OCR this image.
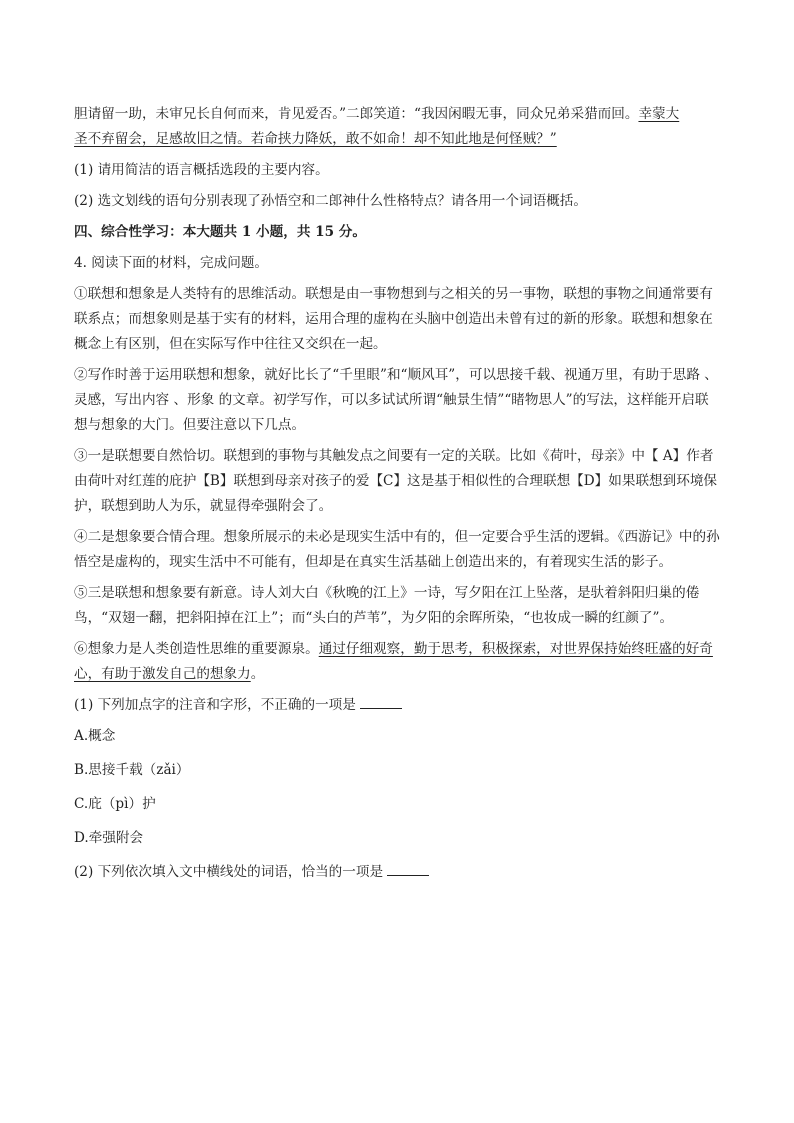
胆请留一助，未审兄长自何而来，肯见爱否。”二郎笑道：“我因闲暇无事，同众兄弟采猎而回。幸蒙大
圣不弃留会，足感故旧之情。若命挟力降妖，敢不如命！却不知此地是何怪贼？”

(1) 请用简洁的语言概括选段的主要内容。

(2) 选文划线的语句分别表现了孙悟空和二郎神什么性格特点？请各用一个词语概括。

四、综合性学习：本大题共 1 小题，共 15 分。

4. 阅读下面的材料，完成问题。

①联想和想象是人类特有的思维活动。联想是由一事物想到与之相关的另一事物，联想的事物之间通常要有联系点；而想象则是基于实有的材料，运用合理的虚构在头脑中创造出未曾有过的新的形象。联想和想象在概念上有区别，但在实际写作中往往又交织在一起。

②写作时善于运用联想和想象，就好比长了“千里眼”和“顺风耳”，可以思接千载、视通万里，有助于思路 、灵感，写出内容 、形象 的文章。初学写作，可以多试试所谓“触景生情”“睹物思人”的写法，这样能开启联想与想象的大门。但要注意以下几点。

③一是联想要自然恰切。联想到的事物与其触发点之间要有一定的关联。比如《荷叶，母亲》中【 A】作者由荷叶对红莲的庇护【B】联想到母亲对孩子的爱【C】这是基于相似性的合理联想【D】如果联想到环境保护，联想到助人为乐，就显得牵强附会了。

④二是想象要合情合理。想象所展示的未必是现实生活中有的，但一定要合乎生活的逻辑。《西游记》中的孙悟空是虚构的，现实生活中不可能有，但却是在真实生活基础上创造出来的，有着现实生活的影子。

⑤三是联想和想象要有新意。诗人刘大白《秋晚的江上》一诗，写夕阳在江上坠落，是驮着斜阳归巢的倦鸟，“双翅一翻，把斜阳掉在江上”；而“头白的芦苇”，为夕阳的余晖所染，“也妆成一瞬的红颜了”。

⑥想象力是人类创造性思维的重要源泉。通过仔细观察，勤于思考，积极探索，对世界保持始终旺盛的好奇心，有助于激发自己的想象力。

(1) 下列加点字的注音和字形，不正确的一项是

A.概念

B.思接千载（zǎi）

C.庇（pì）护

D.牵强附会

(2) 下列依次填入文中横线处的词语，恰当的一项是
